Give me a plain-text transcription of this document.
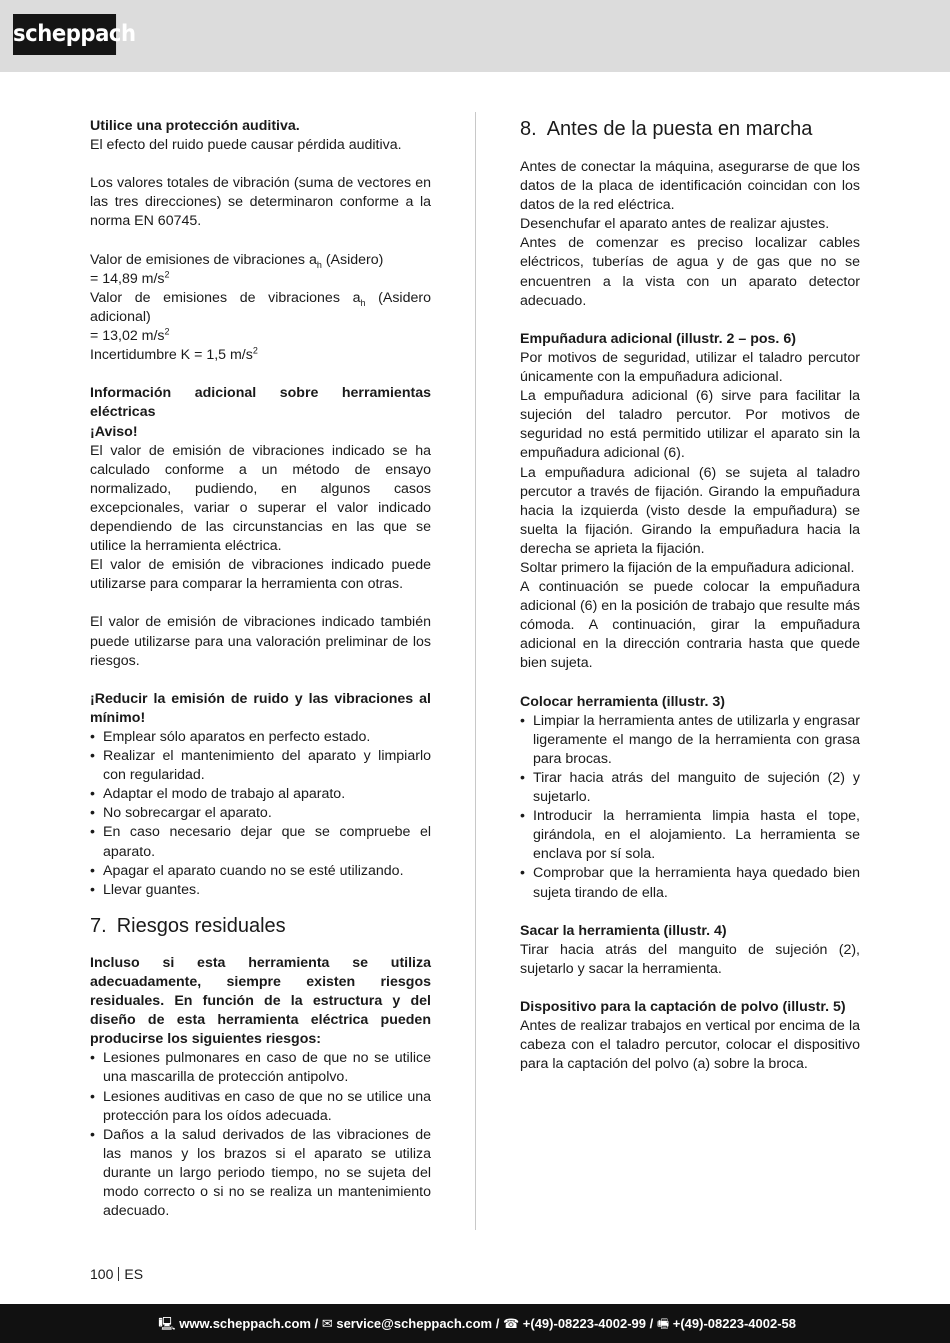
scheppach

Utilice una protección auditiva.

El efecto del ruido puede causar pérdida auditiva.

Los valores totales de vibración (suma de vectores en las tres direcciones) se determinaron conforme a la norma EN 60745.

Valor de emisiones de vibraciones $a_h$ (Asidero)

= 14,89 $m/s^2$

Valor de emisiones de vibraciones $a_h$ (Asidero adicional)

= 13,02 $m/s^2$

Incertidumbre K = 1,5 $m/s^2$

Información adicional sobre herramientas eléctricas

¡Aviso!

El valor de emisión de vibraciones indicado se ha calculado conforme a un método de ensayo normalizado, pudiendo, en algunos casos excepcionales, variar o superar el valor indicado dependiendo de las circunstancias en las que se utilice la herramienta eléctrica.

El valor de emisión de vibraciones indicado puede utilizarse para comparar la herramienta con otras.

El valor de emisión de vibraciones indicado también puede utilizarse para una valoración preliminar de los riesgos.

¡Reducir la emisión de ruido y las vibraciones al mínimo!

• Emplear sólo aparatos en perfecto estado.
• Realizar el mantenimiento del aparato y limpiarlo con regularidad.
• Adaptar el modo de trabajo al aparato.
• No sobrecargar el aparato.
• En caso necesario dejar que se compruebe el aparato.
• Apagar el aparato cuando no se esté utilizando.
• Llevar guantes.
7. Riesgos residuales

Incluso si esta herramienta se utiliza adecuadamente, siempre existen riesgos residuales. En función de la estructura y del diseño de esta herramienta eléctrica pueden producirse los siguientes riesgos:

• Lesiones pulmonares en caso de que no se utilice una mascarilla de protección antipolvo.
• Lesiones auditivas en caso de que no se utilice una protección para los oídos adecuada.
• Daños a la salud derivados de las vibraciones de las manos y los brazos si el aparato se utiliza durante un largo periodo tiempo, no se sujeta del modo correcto o si no se realiza un mantenimiento adecuado.
8. Antes de la puesta en marcha

Antes de conectar la máquina, asegurarse de que los datos de la placa de identificación coincidan con los datos de la red eléctrica.

Desenchufar el aparato antes de realizar ajustes.

Antes de comenzar es preciso localizar cables eléctricos, tuberías de agua y de gas que no se encuentren a la vista con un aparato detector adecuado.

Empuñadura adicional (illustr. 2 – pos. 6)

Por motivos de seguridad, utilizar el taladro percutor únicamente con la empuñadura adicional.

La empuñadura adicional (6) sirve para facilitar la sujeción del taladro percutor. Por motivos de seguridad no está permitido utilizar el aparato sin la empuñadura adicional (6).

La empuñadura adicional (6) se sujeta al taladro percutor a través de fijación. Girando la empuñadura hacia la izquierda (visto desde la empuñadura) se suelta la fijación. Girando la empuñadura hacia la derecha se aprieta la fijación.

Soltar primero la fijación de la empuñadura adicional.

A continuación se puede colocar la empuñadura adicional (6) en la posición de trabajo que resulte más cómoda. A continuación, girar la empuñadura adicional en la dirección contraria hasta que quede bien sujeta.

Colocar herramienta (illustr. 3)

• Limpiar la herramienta antes de utilizarla y engrasar ligeramente el mango de la herramienta con grasa para brocas.
• Tirar hacia atrás del manguito de sujeción (2) y sujetarlo.
• Introducir la herramienta limpia hasta el tope, girándola, en el alojamiento. La herramienta se enclava por sí sola.
• Comprobar que la herramienta haya quedado bien sujeta tirando de ella.

Sacar la herramienta (illustr. 4)

Tirar hacia atrás del manguito de sujeción (2), sujetarlo y sacar la herramienta.

Dispositivo para la captación de polvo (illustr. 5)

Antes de realizar trabajos en vertical por encima de la cabeza con el taladro percutor, colocar el dispositivo para la captación del polvo (a) sobre la broca.

100 ES
🖳 www.scheppach.com / ✉ service@scheppach.com / ☎ +(49)-08223-4002-99 / 🖷 +(49)-08223-4002-58
